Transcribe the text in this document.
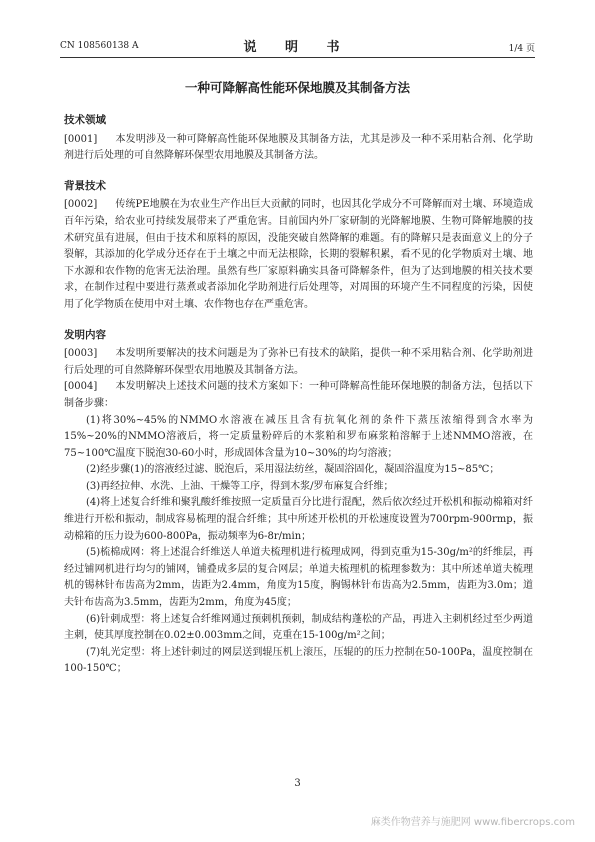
CN 108560138 A	说 明 书	1/4 页
一种可降解高性能环保地膜及其制备方法
技术领域

[0001] 本发明涉及一种可降解高性能环保地膜及其制备方法，尤其是涉及一种不采用粘合剂、化学助剂进行后处理的可自然降解环保型农用地膜及其制备方法。

背景技术

[0002] 传统PE地膜在为农业生产作出巨大贡献的同时，也因其化学成分不可降解而对土壤、环境造成百年污染，给农业可持续发展带来了严重危害。目前国内外厂家研制的光降解地膜、生物可降解地膜的技术研究虽有进展，但由于技术和原料的原因，没能突破自然降解的难题。有的降解只是表面意义上的分子裂解，其添加的化学成分还存在于土壤之中而无法根除，长期的裂解积累，看不见的化学物质对土壤、地下水源和农作物的危害无法治理。虽然有些厂家原料确实具备可降解条件，但为了达到地膜的相关技术要求，在制作过程中要进行蒸煮或者添加化学助剂进行后处理等，对周围的环境产生不同程度的污染，因使用了化学物质在使用中对土壤、农作物也存在严重危害。

发明内容

[0003] 本发明所要解决的技术问题是为了弥补已有技术的缺陷，提供一种不采用粘合剂、化学助剂进行后处理的可自然降解环保型农用地膜及其制备方法。

[0004] 本发明解决上述技术问题的技术方案如下：一种可降解高性能环保地膜的制备方法，包括以下制备步骤：

(1)将30%~45%的NMMO水溶液在减压且含有抗氧化剂的条件下蒸压浓缩得到含水率为15%~20%的NMMO溶液后，将一定质量粉碎后的木浆粕和罗布麻浆粕溶解于上述NMMO溶液，在75~100℃温度下脱泡30-60小时，形成固体含量为10~30%的均匀溶液；

(2)经步骤(1)的溶液经过滤、脱泡后，采用湿法纺丝，凝固浴固化，凝固浴温度为15~85℃；

(3)再经拉伸、水洗、上油、干燥等工序，得到木浆/罗布麻复合纤维；

(4)将上述复合纤维和聚乳酸纤维按照一定质量百分比进行混配，然后依次经过开松机和振动棉箱对纤维进行开松和振动，制成容易梳理的混合纤维；其中所述开松机的开松速度设置为700rpm-900rmp，振动棉箱的压力设为600-800Pa，振动频率为6-8r/min；

(5)梳棉成网：将上述混合纤维送人单道夫梳理机进行梳理成网，得到克重为15-30g/m²的纤维层，再经过铺网机进行均匀的铺网，铺叠成多层的复合网层；单道夫梳理机的梳理参数为：其中所述单道夫梳理机的锡林针布齿高为2mm，齿距为2.4mm，角度为15度，胸锡林针布齿高为2.5mm，齿距为3.0m；道夫针布齿高为3.5mm，齿距为2mm，角度为45度；

(6)针刺成型：将上述复合纤维网通过预刺机预刺，制成结构蓬松的产品，再进入主刺机经过至少两道主刺，使其厚度控制在0.02±0.003mm之间，克重在15-100g/m²之间；

(7)轧光定型：将上述针刺过的网层送到辊压机上滚压，压辊的的压力控制在50-100Pa，温度控制在100-150℃；

3
麻类作物营养与施肥网 www.fibercrops.com
